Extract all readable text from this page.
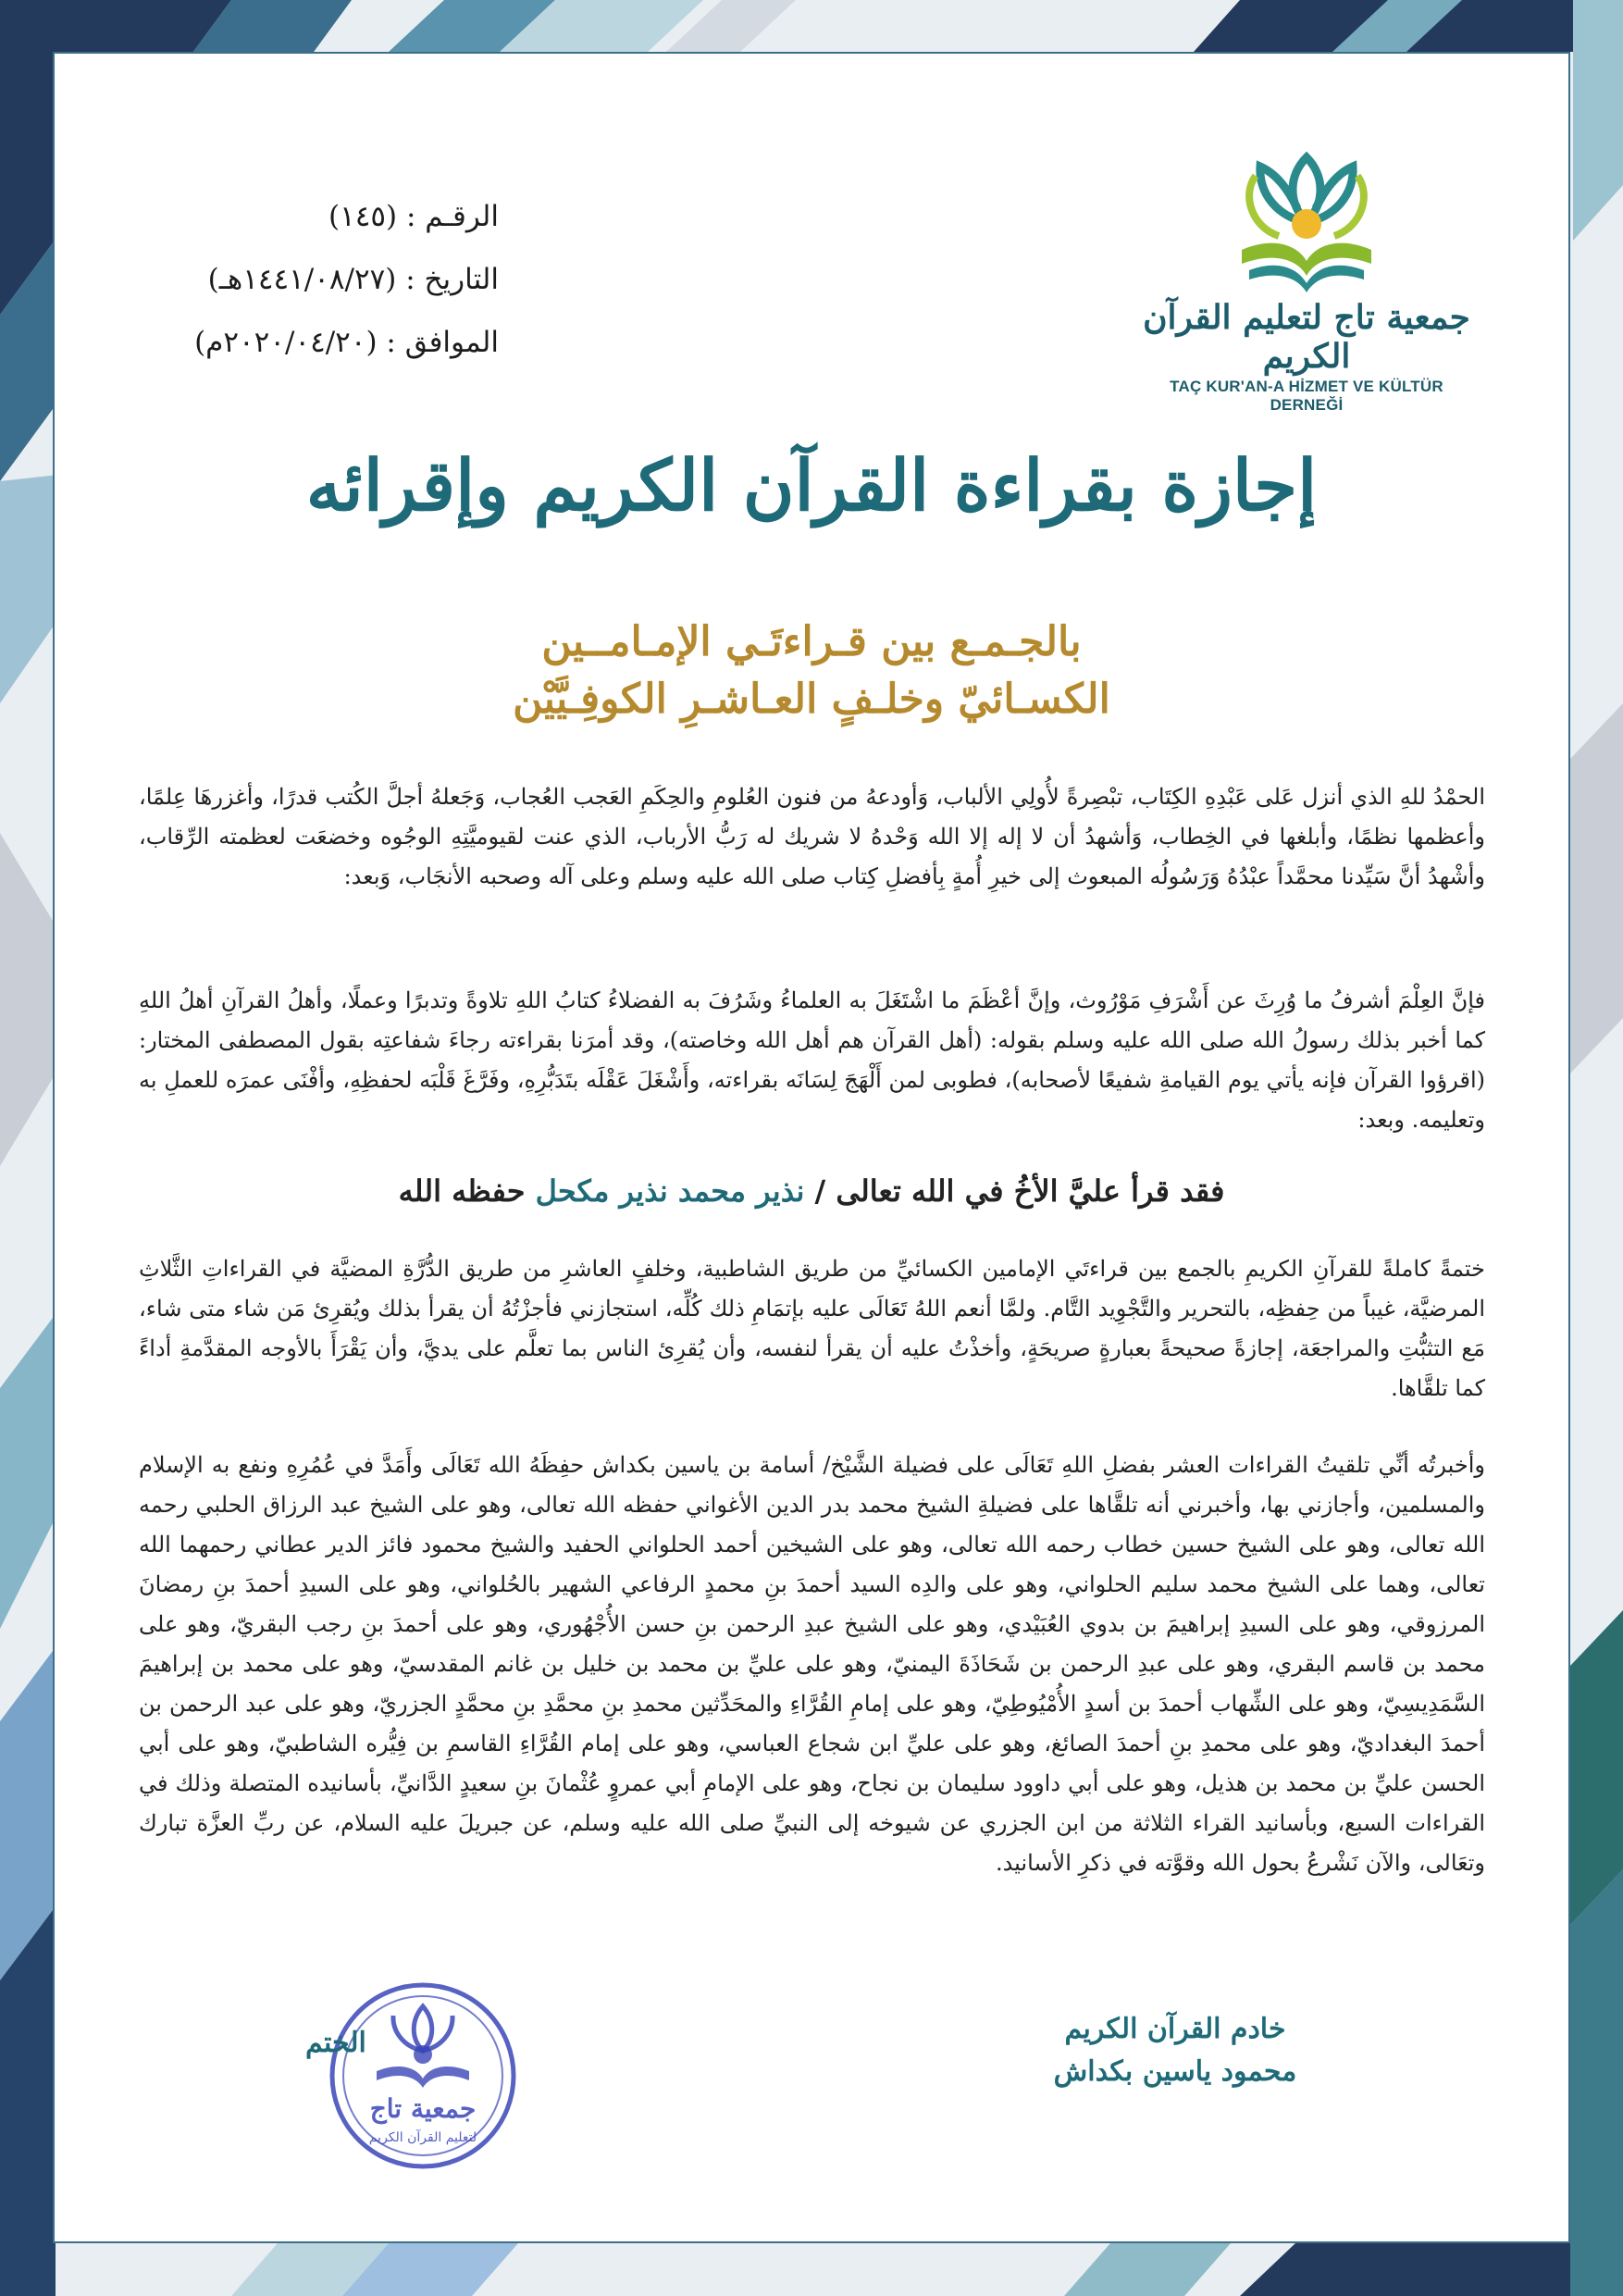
الرقـم : (١٤٥)
التاريخ : (١٤٤١/٠٨/٢٧هـ)
الموافق : (٢٠٢٠/٠٤/٢٠م)
جمعية تاج لتعليم القرآن الكريم
TAÇ KUR'AN-A HİZMET VE KÜLTÜR DERNEĞİ
إجازة بقراءة القرآن الكريم وإقرائه
بالجـمـع بين قـراءتَـي الإمـامــين
الكسـائيّ وخلـفٍ العـاشـرِ الكوفِـيَّيْن
الحمْدُ للهِ الذي أنزل عَلى عَبْدِهِ الكِتَاب، تبْصِرةً لأُولِي الألباب، وَأودعهُ من فنون العُلومِ والحِكَمِ العَجب العُجاب، وَجَعلهُ أجلَّ الكُتب قدرًا، وأغزرهَا عِلمًا، وأعظمها نظمًا، وأبلغها في الخِطاب، وَأشهدُ أن لا إله إلا الله وَحْدهُ لا شريك له رَبُّ الأرباب، الذي عنت لقيوميَّتِهِ الوجُوه وخضعَت لعظمته الرِّقاب، وأشْهدُ أنَّ سَيِّدنا محمَّداً عبْدُهُ وَرَسُولُه المبعوث إلى خيرِ أُمةٍ بِأفضلِ كِتاب صلى الله عليه وسلم وعلى آله وصحبه الأنجَاب، وَبعد:
فإنَّ العِلْمَ أشرفُ ما وُرِثَ عن أَشْرَفِ مَوْرُوث، وإنَّ أعْظَمَ ما اشْتَغَلَ به العلماءُ وشَرُفَ به الفضلاءُ كتابُ اللهِ تلاوةً وتدبرًا وعملًا، وأهلُ القرآنِ أهلُ اللهِ كما أخبر بذلك رسولُ الله صلى الله عليه وسلم بقوله: (أهل القرآن هم أهل الله وخاصته)، وقد أمرَنا بقراءته رجاءَ شفاعتِه بقول المصطفى المختار: (اقرؤوا القرآن فإنه يأتي يوم القيامةِ شفيعًا لأصحابه)، فطوبى لمن أَلْهَجَ لِسَانَه بقراءته، وأَشْغَلَ عَقْلَه بتَدَبُّرِهِ، وفَرَّغَ قَلْبَه لحفظِهِ، وأفْنَى عمرَه للعملِ به وتعليمه. وبعد:
فقد قرأ عليَّ الأخُ في الله تعالى / نذير محمد نذير مكحل حفظه الله
ختمةً كاملةً للقرآنِ الكريمِ بالجمع بين قراءتَي الإمامين الكسائيِّ من طريق الشاطبية، وخلفٍ العاشرِ من طريق الدُّرَّةِ المضيَّة في القراءاتِ الثَّلاثِ المرضيَّة، غيباً من حِفظِه، بالتحرير والتَّجْوِيد التَّام. ولمَّا أنعم اللهُ تَعَالَى عليه بإتمَامِ ذلك كُلِّه، استجازني فأجزْتُهُ أن يقرأ بذلك ويُقرِئ مَن شاء متى شاء، مَع التثبُّتِ والمراجعَة، إجازةً صحيحةً بعبارةٍ صريحَةٍ، وأخذْتُ عليه أن يقرأ لنفسه، وأن يُقرِئ الناس بما تعلَّم على يديَّ، وأن يَقْرَأَ بالأوجه المقدَّمةِ أداءً كما تلقَّاها.
وأخبرتُه أنِّي تلقيتُ القراءات العشر بفضلِ اللهِ تَعَالَى على فضيلة الشَّيْخ/ أسامة بن ياسين بكداش حفِظَهُ الله تَعَالَى وأَمَدَّ في عُمُرِهِ ونفع به الإسلام والمسلمين، وأجازني بها، وأخبرني أنه تلقَّاها على فضيلةِ الشيخ محمد بدر الدين الأغواني حفظه الله تعالى، وهو على الشيخ عبد الرزاق الحلبي رحمه الله تعالى، وهو على الشيخ حسين خطاب رحمه الله تعالى، وهو على الشيخين أحمد الحلواني الحفيد والشيخ محمود فائز الدير عطاني رحمهما الله تعالى، وهما على الشيخ محمد سليم الحلواني، وهو على والدِه السيد أحمدَ بنِ محمدٍ الرفاعي الشهير بالحُلواني، وهو على السيدِ أحمدَ بنِ رمضانَ المرزوقي، وهو على السيدِ إبراهيمَ بن بدوي العُبَيْدي، وهو على الشيخ عبدِ الرحمن بنِ حسن الأُجْهُوري، وهو على أحمدَ بنِ رجب البقريّ، وهو على محمد بن قاسم البقري، وهو على عبدِ الرحمن بن شَحَاذَةَ اليمنيّ، وهو على عليِّ بن محمد بن خليل بن غانم المقدسيّ، وهو على محمد بن إبراهيمَ السَّمَدِيسِيّ، وهو على الشِّهاب أحمدَ بن أسدٍ الأُمْيُوطِيّ، وهو على إمامِ القُرَّاءِ والمحَدِّثين محمدِ بنِ محمَّدِ بنِ محمَّدٍ الجزريّ، وهو على عبد الرحمن بن أحمدَ البغداديّ، وهو على محمدِ بنِ أحمدَ الصائغ، وهو على عليِّ ابن شجاع العباسي، وهو على إمام القُرَّاءِ القاسمِ بن فِيُّره الشاطبيّ، وهو على أبي الحسن عليِّ بن محمد بن هذيل، وهو على أبي داوود سليمان بن نجاح، وهو على الإمامِ أبي عمروٍ عُثْمانَ بنِ سعيدٍ الدَّانيِّ، بأسانيده المتصلة وذلك في القراءات السبع، وبأسانيد القراء الثلاثة من ابن الجزري عن شيوخه إلى النبيِّ صلى الله عليه وسلم، عن جبريلَ عليه السلام، عن ربِّ العزَّة تبارك وتعَالى، والآن نَشْرعُ بحول الله وقوَّته في ذكرِ الأسانيد.
خادم القرآن الكريم
محمود ياسين بكداش
جمعية تاج
لتعليم القرآن الكريم
الختم
